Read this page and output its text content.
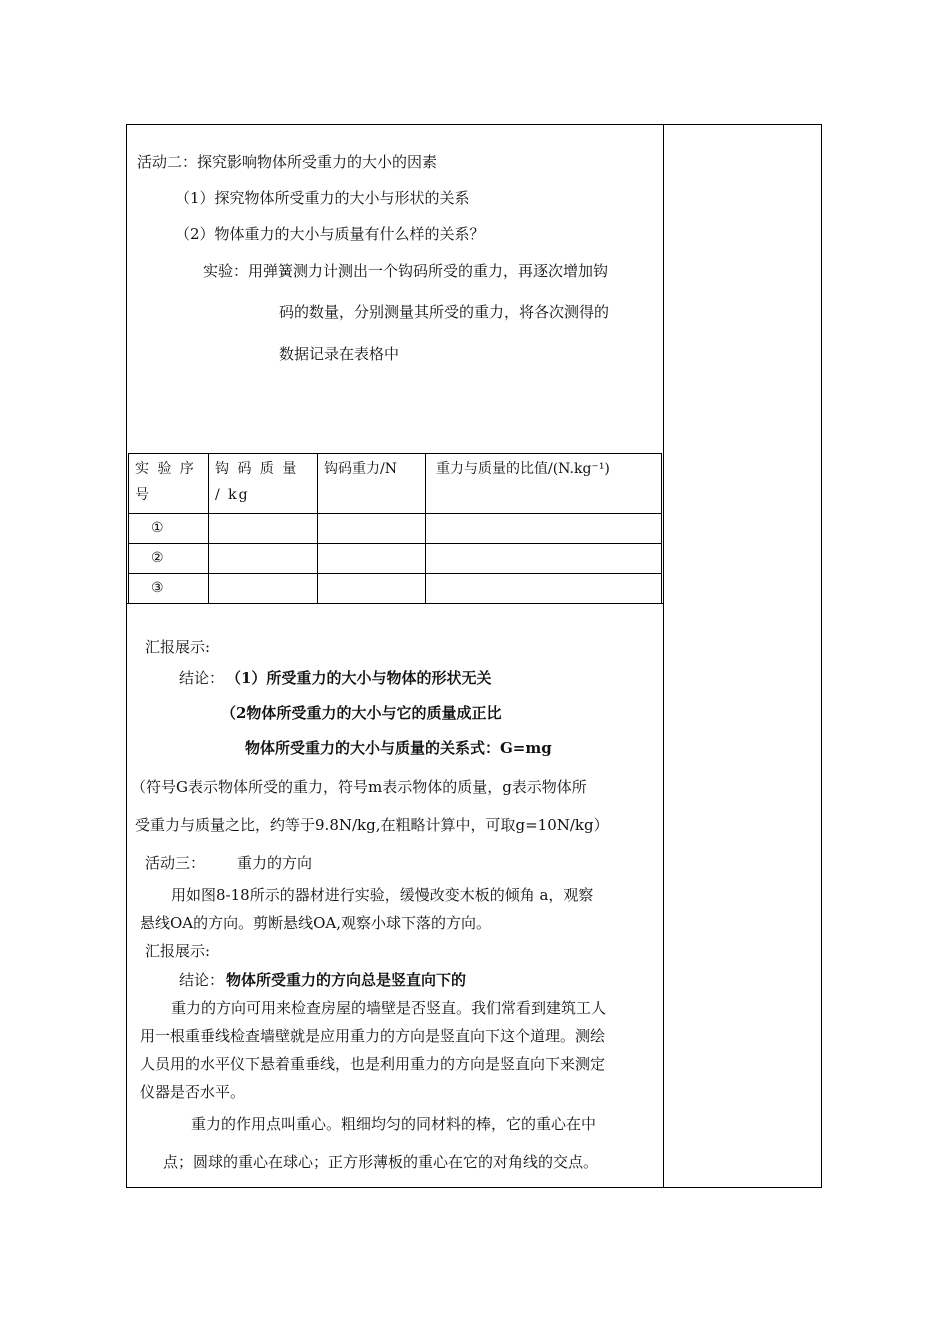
活动二：探究影响物体所受重力的大小的因素
（1）探究物体所受重力的大小与形状的关系
（2）物体重力的大小与质量有什么样的关系？
实验：用弹簧测力计测出一个钩码所受的重力，再逐次增加钩
码的数量，分别测量其所受的重力，将各次测得的
数据记录在表格中
实 验 序 号	钩 码 质 量 / kg	钩码重力/N	重力与质量的比值/(N.kg⁻¹)
①			
②			
③			
汇报展示:
结论： （1）所受重力的大小与物体的形状无关
（2物体所受重力的大小与它的质量成正比
物体所受重力的大小与质量的关系式：G=mg
（符号G表示物体所受的重力，符号m表示物体的质量，g表示物体所
受重力与质量之比，约等于9.8N/kg,在粗略计算中，可取g=10N/kg）
活动三： 重力的方向
用如图8-18所示的器材进行实验，缓慢改变木板的倾角 a，观察
悬线OA的方向。剪断悬线OA,观察小球下落的方向。
汇报展示:
结论： 物体所受重力的方向总是竖直向下的
重力的方向可用来检查房屋的墙壁是否竖直。我们常看到建筑工人
用一根重垂线检查墙壁就是应用重力的方向是竖直向下这个道理。测绘
人员用的水平仪下悬着重垂线，也是利用重力的方向是竖直向下来测定
仪器是否水平。
重力的作用点叫重心。粗细均匀的同材料的棒，它的重心在中
点；圆球的重心在球心；正方形薄板的重心在它的对角线的交点。
